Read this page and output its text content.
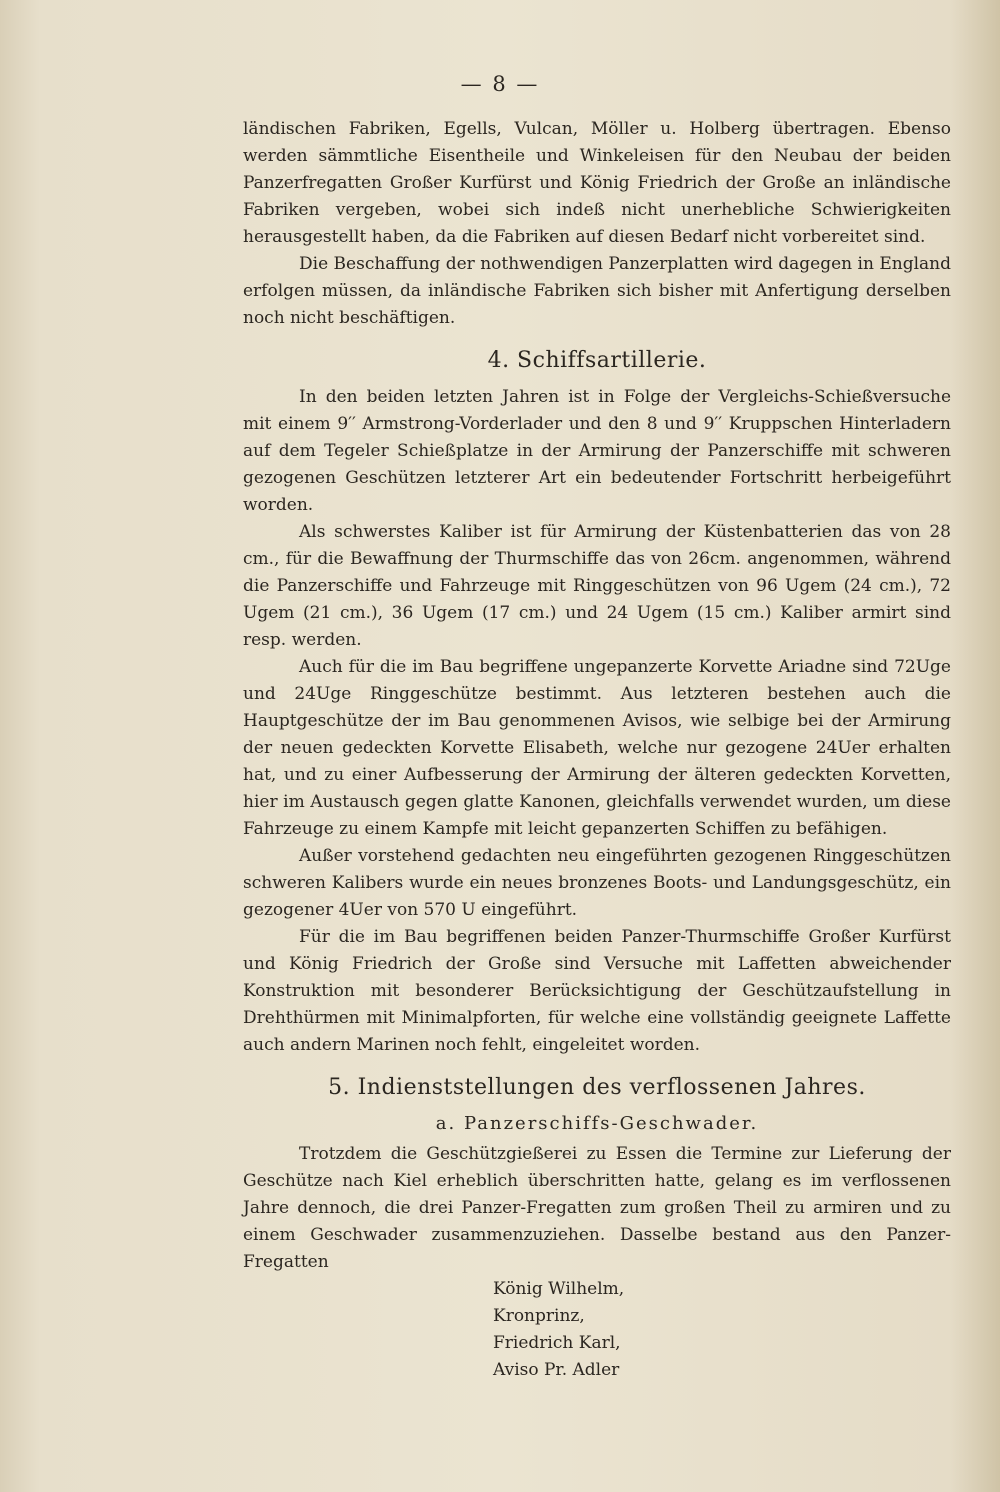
— 8 —

ländischen Fabriken, Egells, Vulcan, Möller u. Holberg übertragen. Ebenso werden sämmtliche Eisentheile und Winkeleisen für den Neubau der beiden Panzerfregatten Großer Kurfürst und König Friedrich der Große an inländische Fabriken vergeben, wobei sich indeß nicht unerhebliche Schwierigkeiten herausgestellt haben, da die Fabriken auf diesen Bedarf nicht vorbereitet sind.

Die Beschaffung der nothwendigen Panzerplatten wird dagegen in England erfolgen müssen, da inländische Fabriken sich bisher mit Anfertigung derselben noch nicht beschäftigen.

4. Schiffsartillerie.

In den beiden letzten Jahren ist in Folge der Vergleichs-Schießversuche mit einem 9′′ Armstrong-Vorderlader und den 8 und 9′′ Kruppschen Hinterladern auf dem Tegeler Schießplatze in der Armirung der Panzerschiffe mit schweren gezogenen Geschützen letzterer Art ein bedeutender Fortschritt herbeigeführt worden.

Als schwerstes Kaliber ist für Armirung der Küstenbatterien das von 28 cm., für die Bewaffnung der Thurmschiffe das von 26cm. angenommen, während die Panzerschiffe und Fahrzeuge mit Ringgeschützen von 96 Ugem (24 cm.), 72 Ugem (21 cm.), 36 Ugem (17 cm.) und 24 Ugem (15 cm.) Kaliber armirt sind resp. werden.

Auch für die im Bau begriffene ungepanzerte Korvette Ariadne sind 72Uge und 24Uge Ringgeschütze bestimmt. Aus letzteren bestehen auch die Hauptgeschütze der im Bau genommenen Avisos, wie selbige bei der Armirung der neuen gedeckten Korvette Elisabeth, welche nur gezogene 24Uer erhalten hat, und zu einer Aufbesserung der Armirung der älteren gedeckten Korvetten, hier im Austausch gegen glatte Kanonen, gleichfalls verwendet wurden, um diese Fahrzeuge zu einem Kampfe mit leicht gepanzerten Schiffen zu befähigen.

Außer vorstehend gedachten neu eingeführten gezogenen Ringgeschützen schweren Kalibers wurde ein neues bronzenes Boots- und Landungsgeschütz, ein gezogener 4Uer von 570 U eingeführt.

Für die im Bau begriffenen beiden Panzer-Thurmschiffe Großer Kurfürst und König Friedrich der Große sind Versuche mit Laffetten abweichender Konstruktion mit besonderer Berücksichtigung der Geschützaufstellung in Drehthürmen mit Minimalpforten, für welche eine vollständig geeignete Laffette auch andern Marinen noch fehlt, eingeleitet worden.

5. Indienststellungen des verflossenen Jahres.
a. Panzerschiffs-Geschwader.

Trotzdem die Geschützgießerei zu Essen die Termine zur Lieferung der Geschütze nach Kiel erheblich überschritten hatte, gelang es im verflossenen Jahre dennoch, die drei Panzer-Fregatten zum großen Theil zu armiren und zu einem Geschwader zusammenzuziehen. Dasselbe bestand aus den Panzer-Fregatten

König Wilhelm,
Kronprinz,
Friedrich Karl,
Aviso Pr. Adler
